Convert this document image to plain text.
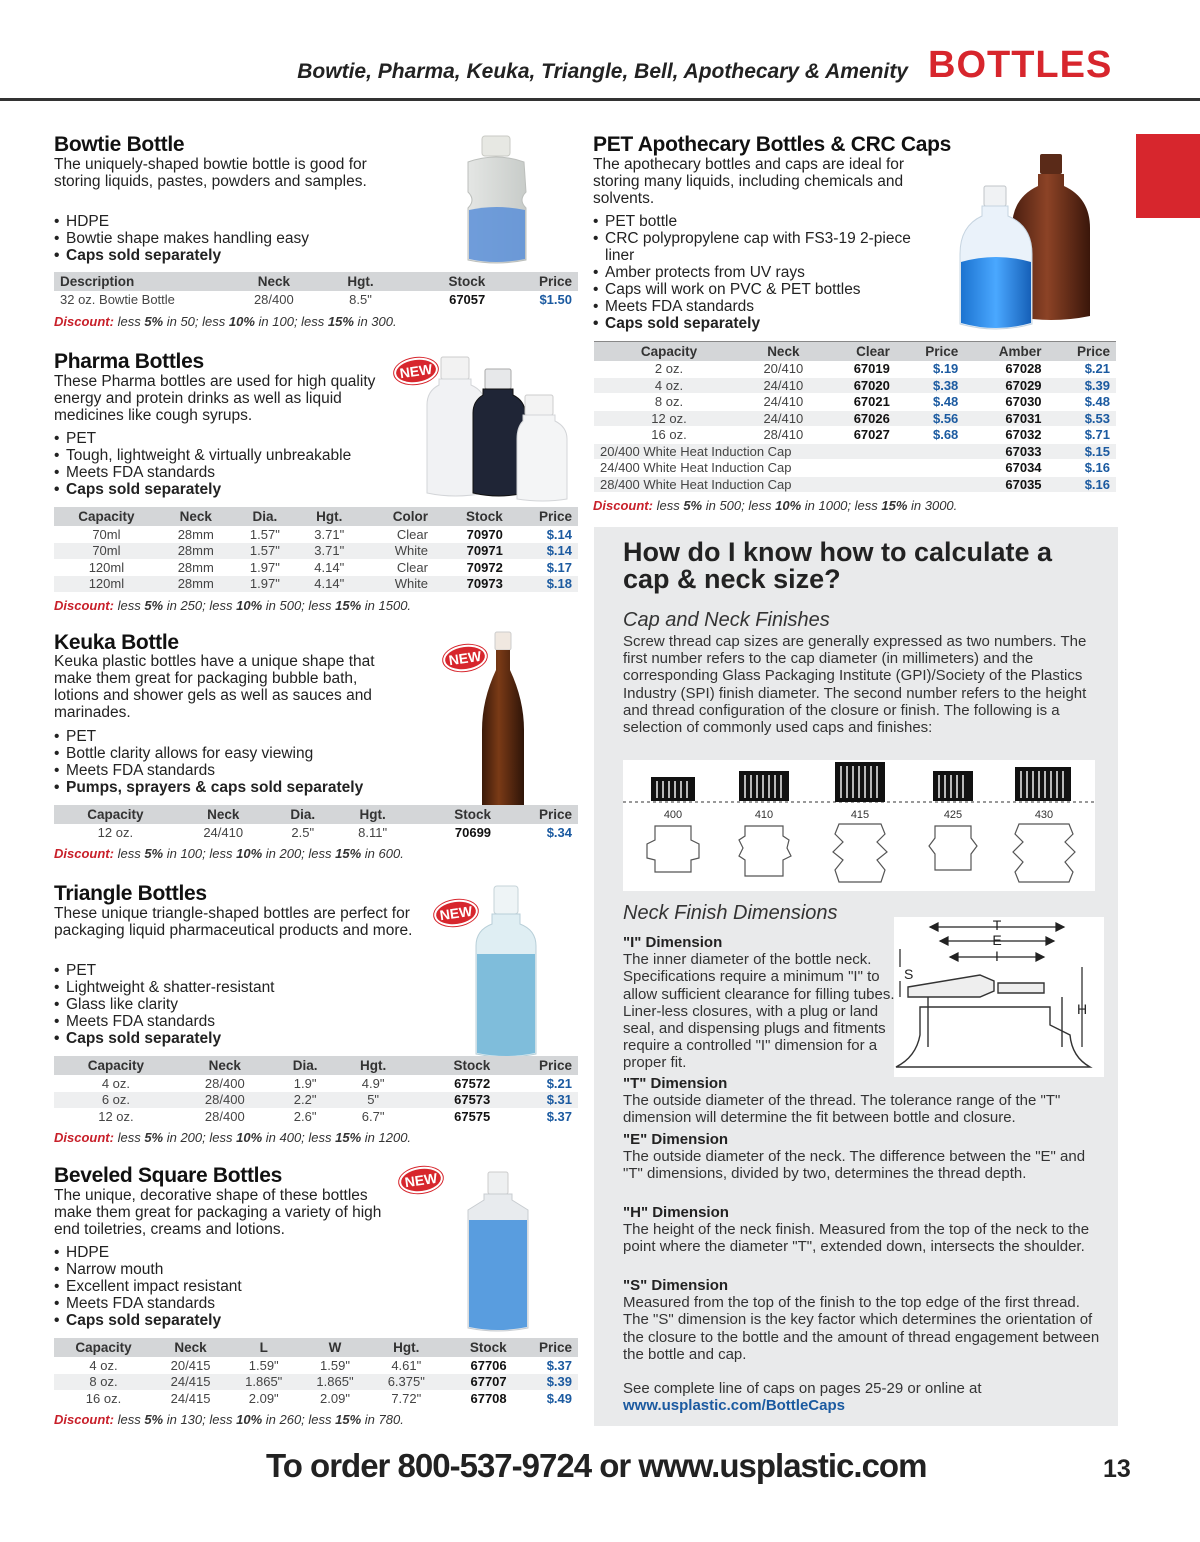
Bowtie, Pharma, Keuka, Triangle, Bell, Apothecary & Amenity BOTTLES
Bowtie Bottle
The uniquely-shaped bowtie bottle is good for storing liquids, pastes, powders and samples.
• HDPE
• Bowtie shape makes handling easy
• Caps sold separately
Description	Neck	Hgt.	Stock	Price
32 oz. Bowtie Bottle	28/400	8.5"	67057	$1.50
Discount: less 5% in 50; less 10% in 100; less 15% in 300.
Pharma Bottles
These Pharma bottles are used for high quality energy and protein drinks as well as liquid medicines like cough syrups.
• PET
• Tough, lightweight & virtually unbreakable
• Meets FDA standards
• Caps sold separately
NEW
Capacity	Neck	Dia.	Hgt.	Color	Stock	Price
70ml	28mm	1.57"	3.71"	Clear	70970	$.14
70ml	28mm	1.57"	3.71"	White	70971	$.14
120ml	28mm	1.97"	4.14"	Clear	70972	$.17
120ml	28mm	1.97"	4.14"	White	70973	$.18
Discount: less 5% in 250; less 10% in 500; less 15% in 1500.
Keuka Bottle
Keuka plastic bottles have a unique shape that make them great for packaging bubble bath, lotions and shower gels as well as sauces and marinades.
• PET
• Bottle clarity allows for easy viewing
• Meets FDA standards
• Pumps, sprayers & caps sold separately
NEW
Capacity	Neck	Dia.	Hgt.	Stock	Price
12 oz.	24/410	2.5"	8.11"	70699	$.34
Discount: less 5% in 100; less 10% in 200; less 15% in 600.
Triangle Bottles
These unique triangle-shaped bottles are perfect for packaging liquid pharmaceutical products and more.
• PET
• Lightweight & shatter-resistant
• Glass like clarity
• Meets FDA standards
• Caps sold separately
NEW
Capacity	Neck	Dia.	Hgt.	Stock	Price
4 oz.	28/400	1.9"	4.9"	67572	$.21
6 oz.	28/400	2.2"	5"	67573	$.31
12 oz.	28/400	2.6"	6.7"	67575	$.37
Discount: less 5% in 200; less 10% in 400; less 15% in 1200.
Beveled Square Bottles
The unique, decorative shape of these bottles make them great for packaging a variety of high end toiletries, creams and lotions.
• HDPE
• Narrow mouth
• Excellent impact resistant
• Meets FDA standards
• Caps sold separately
NEW
Capacity	Neck	L	W	Hgt.	Stock	Price
4 oz.	20/415	1.59"	1.59"	4.61"	67706	$.37
8 oz.	24/415	1.865"	1.865"	6.375"	67707	$.39
16 oz.	24/415	2.09"	2.09"	7.72"	67708	$.49
Discount: less 5% in 130; less 10% in 260; less 15% in 780.
PET Apothecary Bottles & CRC Caps
The apothecary bottles and caps are ideal for storing many liquids, including chemicals and solvents.
• PET bottle
• CRC polypropylene cap with FS3-19 2-piece liner
• Amber protects from UV rays
• Caps will work on PVC & PET bottles
• Meets FDA standards
• Caps sold separately
Capacity	Neck	Clear	Price	Amber	Price
2 oz.	20/410	67019	$.19	67028	$.21
4 oz.	24/410	67020	$.38	67029	$.39
8 oz.	24/410	67021	$.48	67030	$.48
12 oz.	24/410	67026	$.56	67031	$.53
16 oz.	28/410	67027	$.68	67032	$.71
20/400 White Heat Induction Cap				67033	$.15
24/400 White Heat Induction Cap				67034	$.16
28/400 White Heat Induction Cap				67035	$.16
Discount: less 5% in 500; less 10% in 1000; less 15% in 3000.
How do I know how to calculate a cap & neck size?
Cap and Neck Finishes
Screw thread cap sizes are generally expressed as two numbers. The first number refers to the cap diameter (in millimeters) and the corresponding Glass Packaging Institute (GPI)/Society of the Plastics Industry (SPI) finish diameter. The second number refers to the height and thread configuration of the closure or finish. The following is a selection of commonly used caps and finishes:
400	410	415	425	430
Neck Finish Dimensions
T
E
I
S
H
"I" Dimension
The inner diameter of the bottle neck. Specifications require a minimum "I" to allow sufficient clearance for filling tubes. Liner-less closures, with a plug or land seal, and dispensing plugs and fitments require a controlled "I" dimension for a proper fit.
"T" Dimension
The outside diameter of the thread. The tolerance range of the "T" dimension will determine the fit between bottle and closure.
"E" Dimension
The outside diameter of the neck. The difference between the "E" and "T" dimensions, divided by two, determines the thread depth.
"H" Dimension
The height of the neck finish. Measured from the top of the neck to the point where the diameter "T", extended down, intersects the shoulder.
"S" Dimension
Measured from the top of the finish to the top edge of the first thread. The "S" dimension is the key factor which determines the orientation of the closure to the bottle and the amount of thread engagement between the bottle and cap.
See complete line of caps on pages 25-29 or online at
www.usplastic.com/BottleCaps
To order 800-537-9724 or www.usplastic.com	13
